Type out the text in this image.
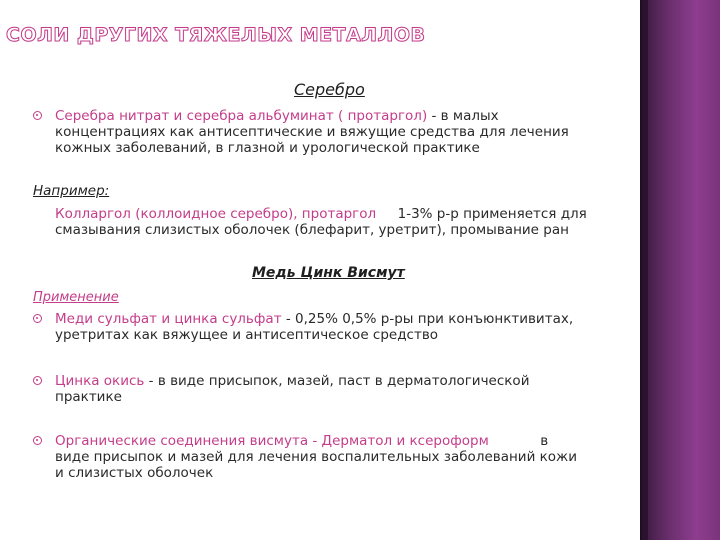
СОЛИ ДРУГИХ ТЯЖЕЛЫХ МЕТАЛЛОВ
Серебро
Серебра нитрат и серебра альбуминат ( протаргол) - в малых
концентрациях как антисептические и вяжущие средства для лечения
кожных заболеваний, в глазной и урологической практике
Например:
Колларгол (коллоидное серебро), протаргол     1-3% р-р применяется для
смазывания слизистых оболочек (блефарит, уретрит), промывание ран
Медь Цинк Висмут
Применение
Меди сульфат и цинка сульфат - 0,25% 0,5% р-ры при конъюнктивитах,
уретритах как вяжущее и антисептическое средство
Цинка окись - в виде присыпок, мазей, паст в дерматологической
практике
Органические соединения висмута - Дерматол и ксероформ            в
виде присыпок и мазей для лечения воспалительных заболеваний кожи
и слизистых оболочек
